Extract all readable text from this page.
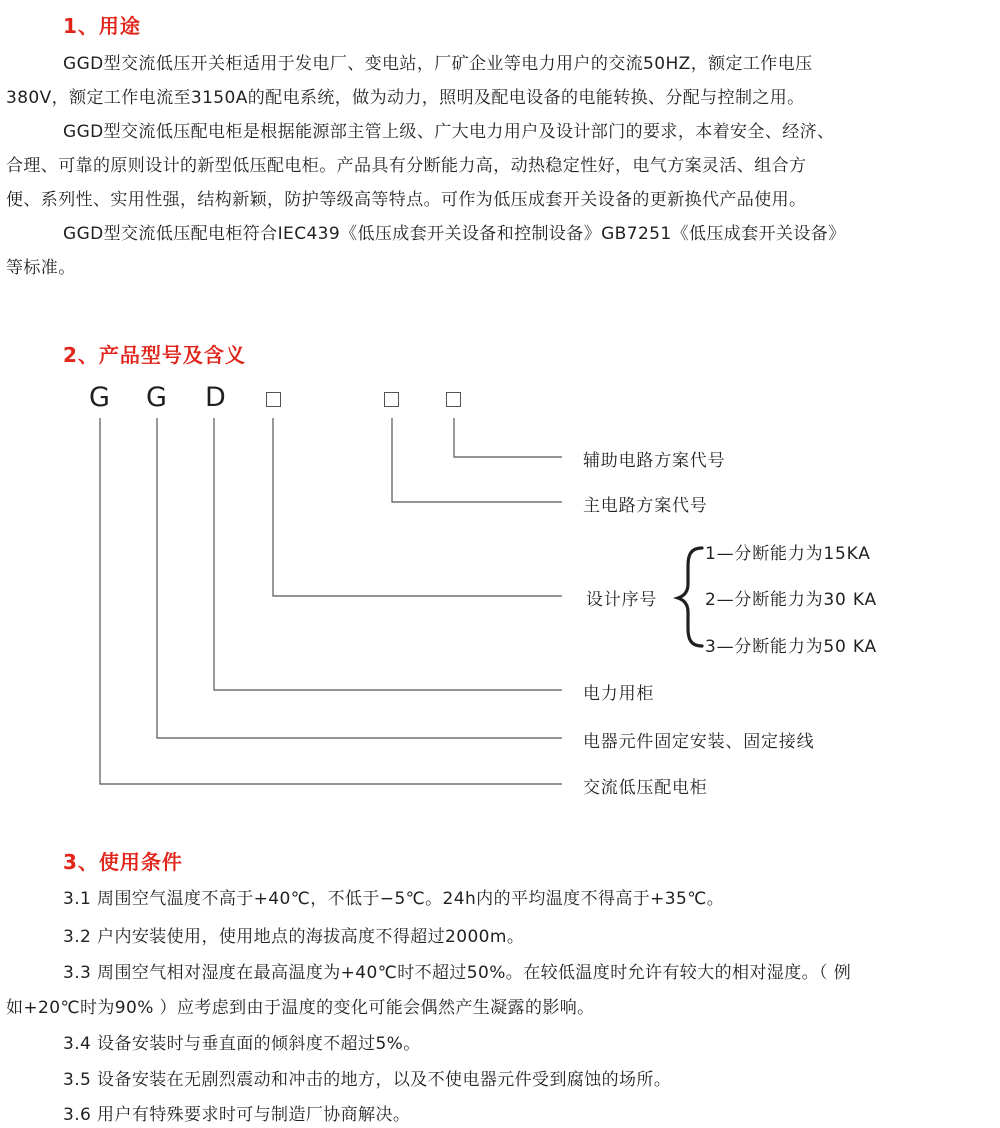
1、用途
GGD型交流低压开关柜适用于发电厂、变电站，厂矿企业等电力用户的交流50HZ，额定工作电压
380V，额定工作电流至3150A的配电系统，做为动力，照明及配电设备的电能转换、分配与控制之用。
GGD型交流低压配电柜是根据能源部主管上级、广大电力用户及设计部门的要求，本着安全、经济、
合理、可靠的原则设计的新型低压配电柜。产品具有分断能力高，动热稳定性好，电气方案灵活、组合方
便、系列性、实用性强，结构新颖，防护等级高等特点。可作为低压成套开关设备的更新换代产品使用。
GGD型交流低压配电柜符合IEC439《低压成套开关设备和控制设备》GB7251《低压成套开关设备》
等标准。
2、产品型号及含义
G G D
辅助电路方案代号
主电路方案代号
设计序号
1—分断能力为15KA
2—分断能力为30 KA
3—分断能力为50 KA
电力用柜
电器元件固定安装、固定接线
交流低压配电柜
3、使用条件
3.1 周围空气温度不高于+40℃，不低于−5℃。24h内的平均温度不得高于+35℃。
3.2 户内安装使用，使用地点的海拔高度不得超过2000m。
3.3 周围空气相对湿度在最高温度为+40℃时不超过50%。在较低温度时允许有较大的相对湿度。（ 例
如+20℃时为90% ）应考虑到由于温度的变化可能会偶然产生凝露的影响。
3.4 设备安装时与垂直面的倾斜度不超过5%。
3.5 设备安装在无剧烈震动和冲击的地方，以及不使电器元件受到腐蚀的场所。
3.6 用户有特殊要求时可与制造厂协商解决。
